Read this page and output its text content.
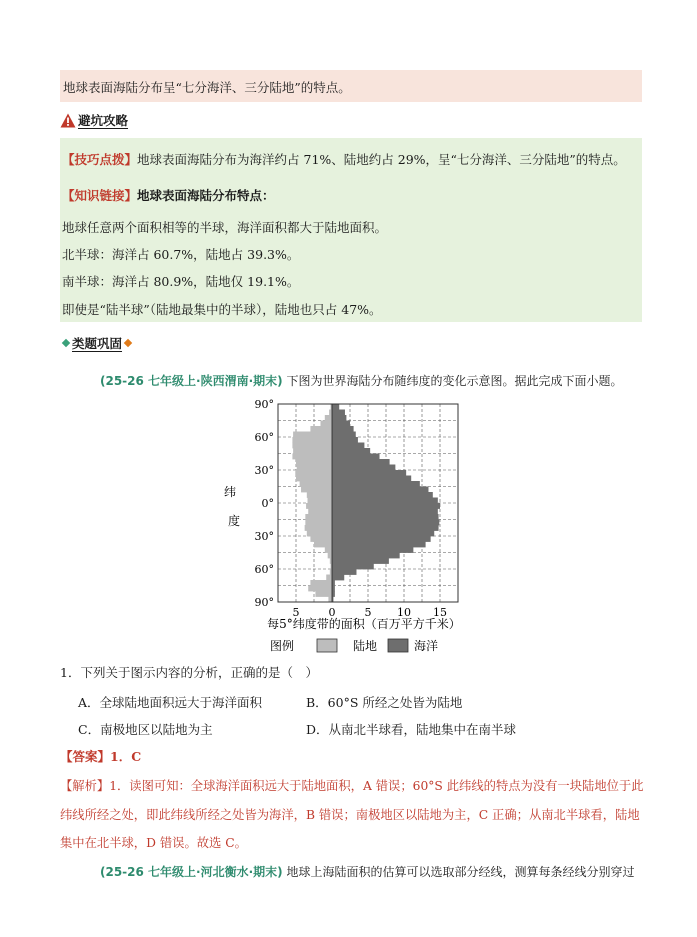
地球表面海陆分布呈“七分海洋、三分陆地”的特点。
避坑攻略
【技巧点拨】地球表面海陆分布为海洋约占 71%、陆地约占 29%，呈“七分海洋、三分陆地”的特点。
【知识链接】地球表面海陆分布特点：
地球任意两个面积相等的半球，海洋面积都大于陆地面积。
北半球：海洋占 60.7%，陆地占 39.3%。
南半球：海洋占 80.9%，陆地仅 19.1%。
即使是“陆半球”（陆地最集中的半球），陆地也只占 47%。
类题巩固
(25-26 七年级上·陕西渭南·期末) 下图为世界海陆分布随纬度的变化示意图。据此完成下面小题。
90°
60°
30°
0°
30°
60°
90°
5	0	5 10 15
纬
度
每5°纬度带的面积（百万平方千米）
图例	陆地	海洋
1．下列关于图示内容的分析，正确的是（　）
A．全球陆地面积远大于海洋面积	B．60°S 所经之处皆为陆地
C．南极地区以陆地为主	D．从南北半球看，陆地集中在南半球
【答案】1．C
【解析】1．读图可知：全球海洋面积远大于陆地面积，A 错误；60°S 此纬线的特点为没有一块陆地位于此
纬线所经之处，即此纬线所经之处皆为海洋，B 错误；南极地区以陆地为主，C 正确；从南北半球看，陆地
集中在北半球，D 错误。故选 C。
(25-26 七年级上·河北衡水·期末) 地球上海陆面积的估算可以选取部分经线，测算每条经线分别穿过
